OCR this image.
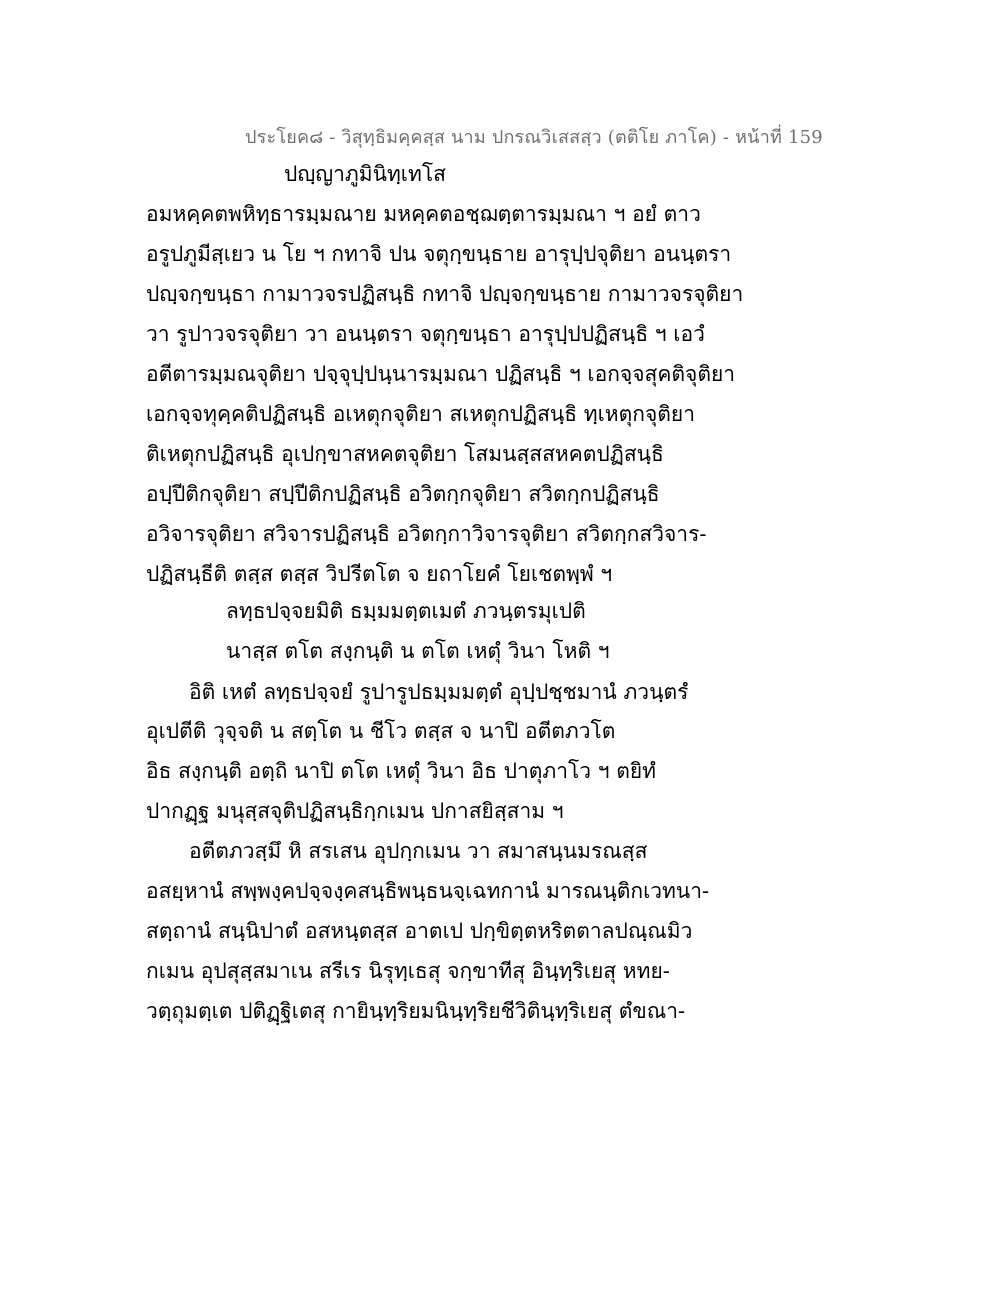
ประโยค๘ - วิสุทฺธิมคฺคสฺส นาม ปกรณวิเสสสฺว (ตติโย ภาโค) - หน้าที่ 159
ปญฺญาภูมินิทฺเทโส
อมหคฺคตพหิทฺธารมฺมณาย มหคฺคตอชฺฌตฺตารมฺมณา ฯ อยํ ตาว
อรูปภูมีสฺเยว น โย ฯ กทาจิ ปน จตุกฺขนฺธาย อารุปฺปจุติยา อนนฺตรา
ปญฺจกฺขนฺธา กามาวจรปฏิสนฺธิ กทาจิ ปญฺจกฺขนฺธาย กามาวจรจุติยา
วา รูปาวจรจุติยา วา อนนฺตรา จตุกฺขนฺธา อารุปฺปปฏิสนฺธิ ฯ เอวํ
อตีตารมฺมณจุติยา ปจฺจุปฺปนฺนารมฺมณา ปฏิสนฺธิ ฯ เอกจฺจสุคติจุติยา
เอกจฺจทุคฺคติปฏิสนฺธิ อเหตุกจุติยา สเหตุกปฏิสนฺธิ ทฺเหตุกจุติยา
ติเหตุกปฏิสนฺธิ อุเปกฺขาสหคตจุติยา โสมนสฺสสหคตปฏิสนฺธิ
อปฺปีติกจุติยา สปฺปีติกปฏิสนฺธิ อวิตกฺกจุติยา สวิตกฺกปฏิสนฺธิ
อวิจารจุติยา สวิจารปฏิสนฺธิ อวิตกฺกาวิจารจุติยา สวิตกฺกสวิจาร-
ปฏิสนฺธีติ ตสฺส ตสฺส วิปรีตโต จ ยถาโยคํ โยเชตพฺพํ ฯ
ลทฺธปจฺจยมิติ ธมฺมมตฺตเมตํ ภวนฺตรมุเปติ
นาสฺส ตโต สงฺกนฺติ น ตโต เหตุํ วินา โหติ ฯ
อิติ เหตํ ลทฺธปจฺจยํ รูปารูปธมฺมมตฺตํ อุปฺปชฺชมานํ ภวนฺตรํ
อุเปตีติ วุจฺจติ น สตฺโต น ชีโว ตสฺส จ นาปิ อตีตภวโต
อิธ สงฺกนฺติ อตฺถิ นาปิ ตโต เหตุํ วินา อิธ ปาตุภาโว ฯ ตยิทํ
ปากฏฺฐ มนุสฺสจุติปฏิสนฺธิกฺกเมน ปกาสยิสฺสาม ฯ
อตีตภวสฺมึ หิ สรเสน อุปกฺกเมน วา สมาสนฺนมรณสฺส
อสยฺหานํ สพฺพงฺคปจฺจงฺคสนฺธิพนฺธนจฺเฉทกานํ มารณนฺติกเวทนา-
สตฺถานํ สนฺนิปาตํ อสหนฺตสฺส อาตเป ปกฺขิตฺตหริตตาลปณฺณมิว
กเมน อุปสุสฺสมาเน สรีเร นิรุทฺเธสุ จกฺขาทีสุ อินฺทฺริเยสุ หทย-
วตฺถุมตฺเต ปติฏฺฐิเตสุ กายินฺทฺริยมนินฺทฺริยชีวิตินฺทฺริเยสุ ตํขณา-
